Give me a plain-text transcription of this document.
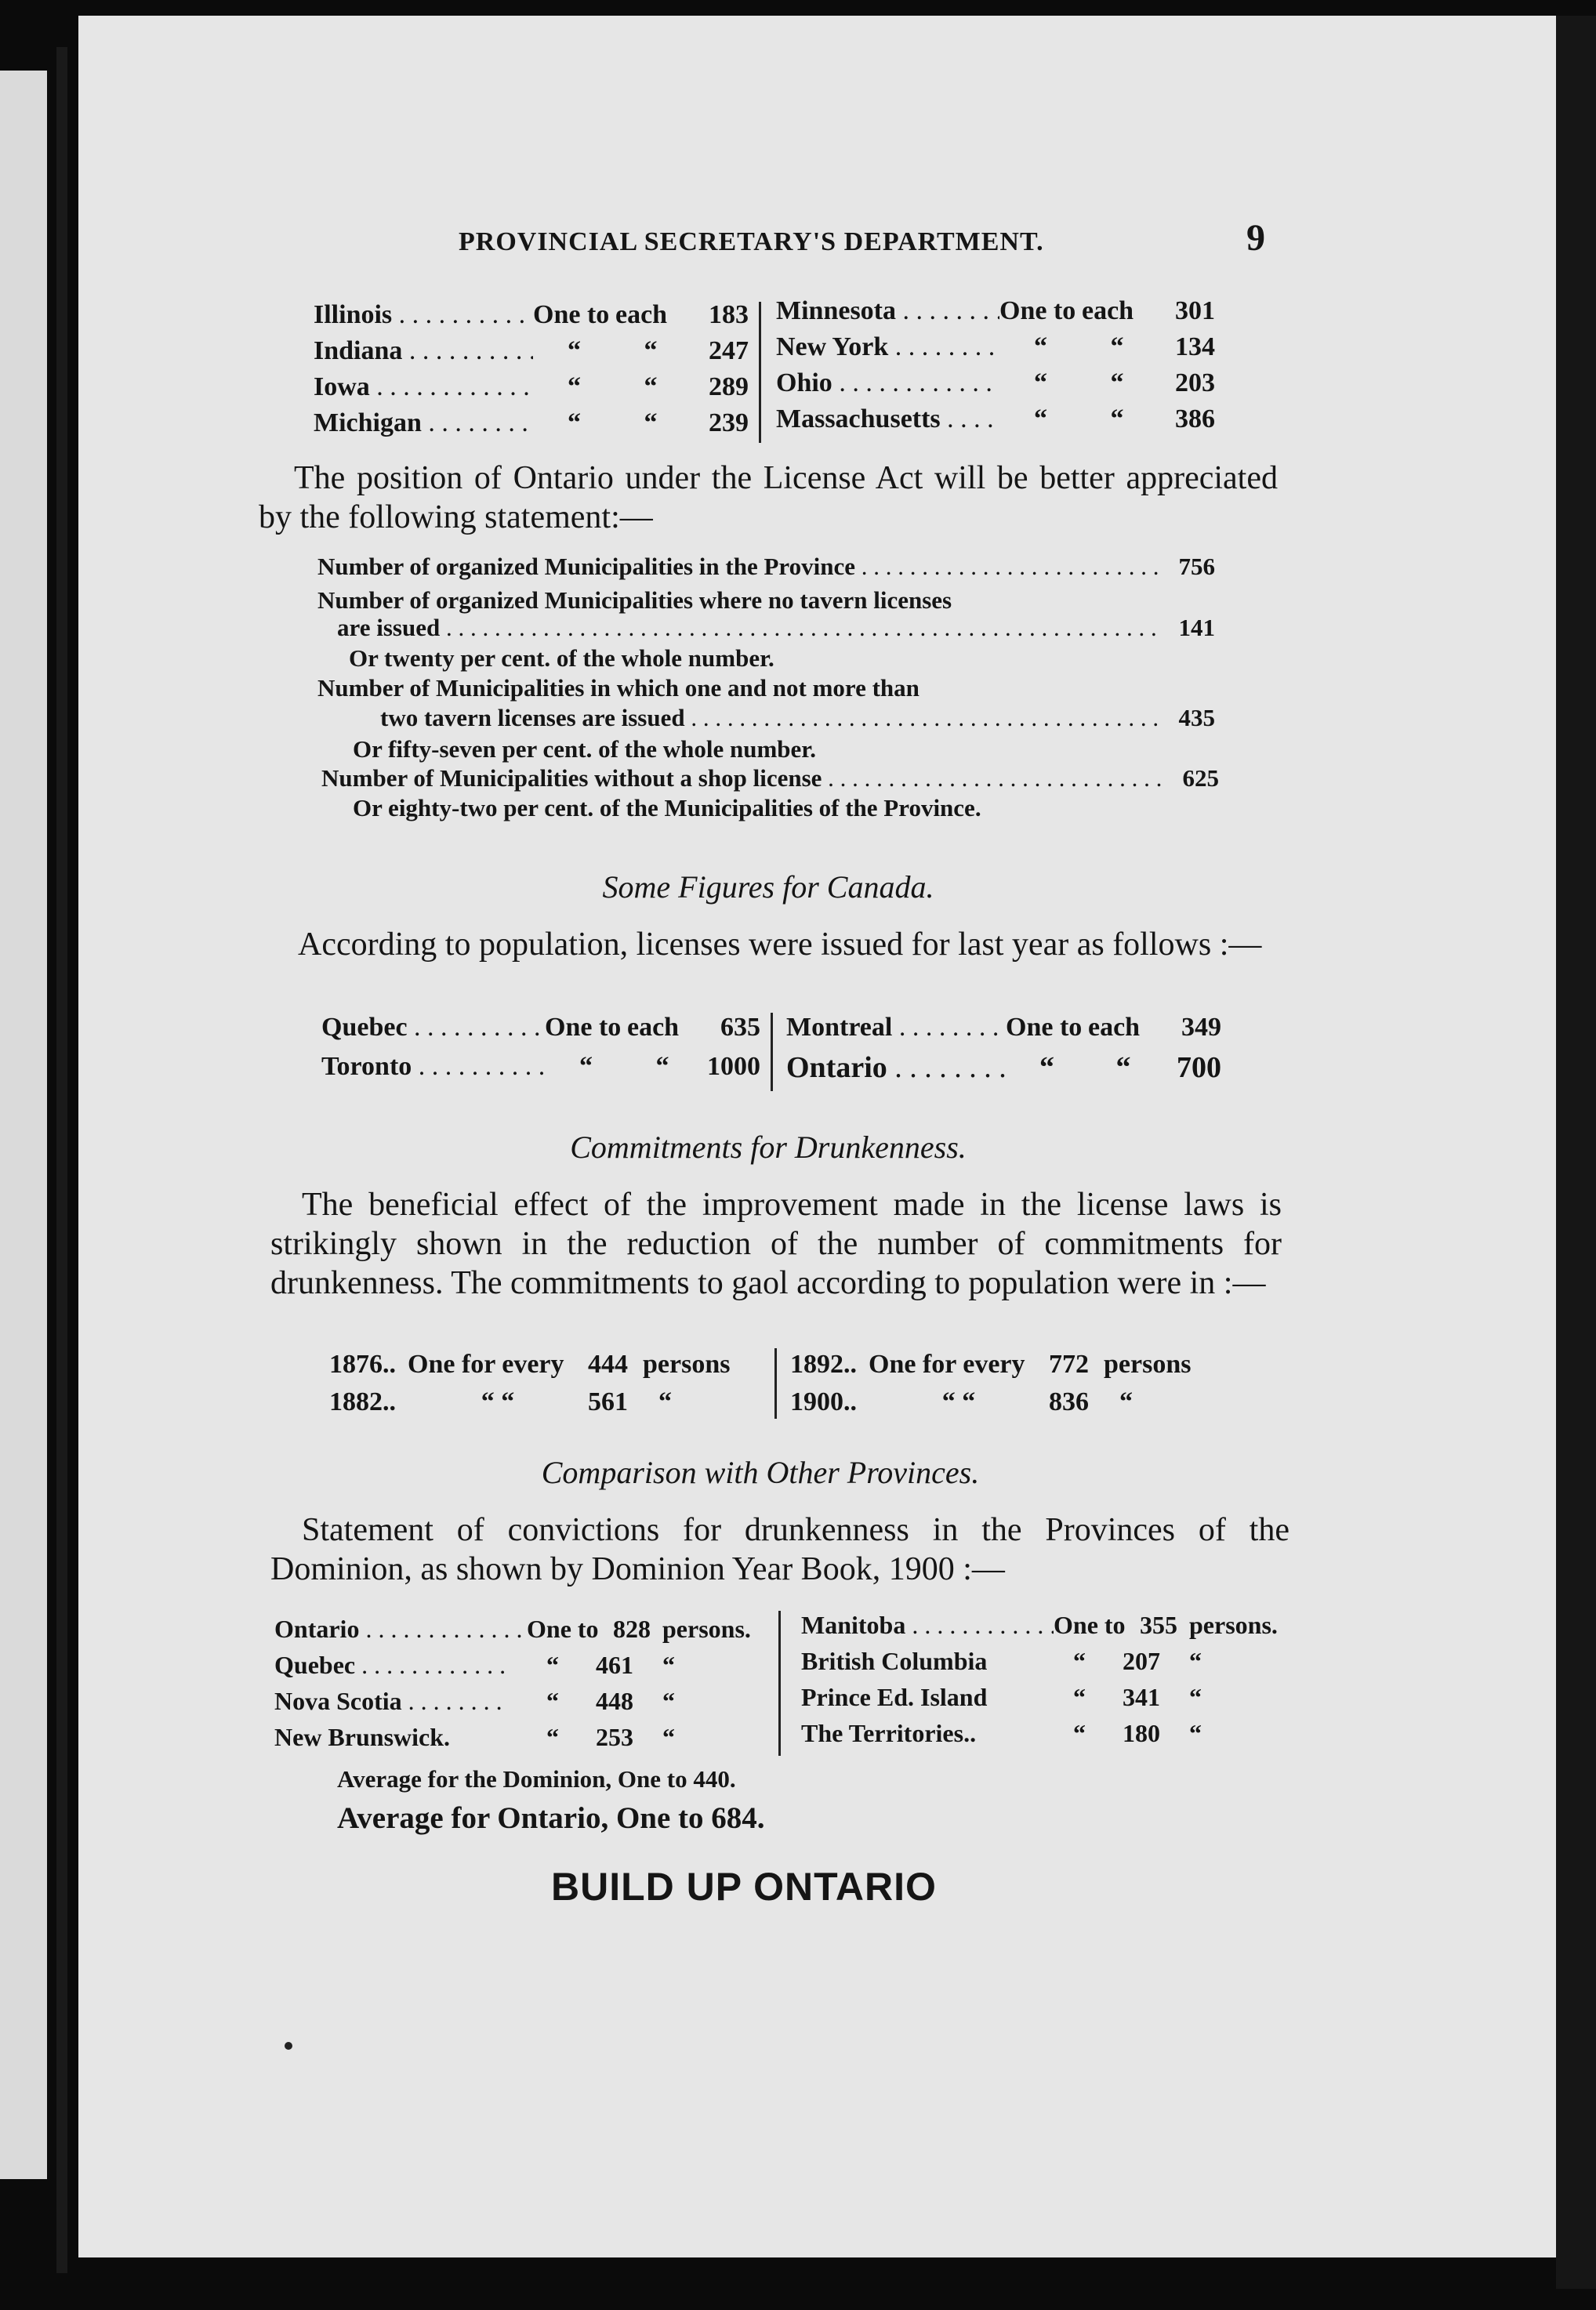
PROVINCIAL SECRETARY'S DEPARTMENT.	9
Illinois . . .	One to each	183
Indiana . . .	“	“	247
Iowa . . .	“	“	289
Michigan . . .	“	“	239
Minnesota . . .	One to each	301
New York . . .	“	“	134
Ohio . . .	“	“	203
Massachusetts . . .	“	“	386
The position of Ontario under the License Act will be better appreciated by the following statement:—
Number of organized Municipalities in the Province . . .	756
Number of organized Municipalities where no tavern licenses
are issued . . .	141
Or twenty per cent. of the whole number.
Number of Municipalities in which one and not more than
two tavern licenses are issued . . .	435
Or fifty-seven per cent. of the whole number.
Number of Municipalities without a shop license . . .	625
Or eighty-two per cent. of the Municipalities of the Province.
Some Figures for Canada.
According to population, licenses were issued for last year as follows :—
Quebec . . .	One to each	635
Toronto . . .	“	“	1000
Montreal . . .	One to each	349
Ontario . . .	“	“	700
Commitments for Drunkenness.
The beneficial effect of the improvement made in the license laws is strikingly shown in the reduction of the number of commitments for drunkenness. The commitments to gaol according to population were in :—
1876.. One for every 444 persons
1882..	“ “	561	“
1892.. One for every 772 persons
1900..	“ “	836	“
Comparison with Other Provinces.
Statement of convictions for drunkenness in the Provinces of the Dominion, as shown by Dominion Year Book, 1900 :—
Ontario . . .	One to 828 persons.
Quebec . . .	“	461	“
Nova Scotia . . .	“	448	“
New Brunswick.	“	253	“
Manitoba . . .	One to 355 persons.
British Columbia	“	207	“
Prince Ed. Island	“	341	“
The Territories..	“	180	“
Average for the Dominion, One to 440.
Average for Ontario, One to 684.
BUILD UP ONTARIO
